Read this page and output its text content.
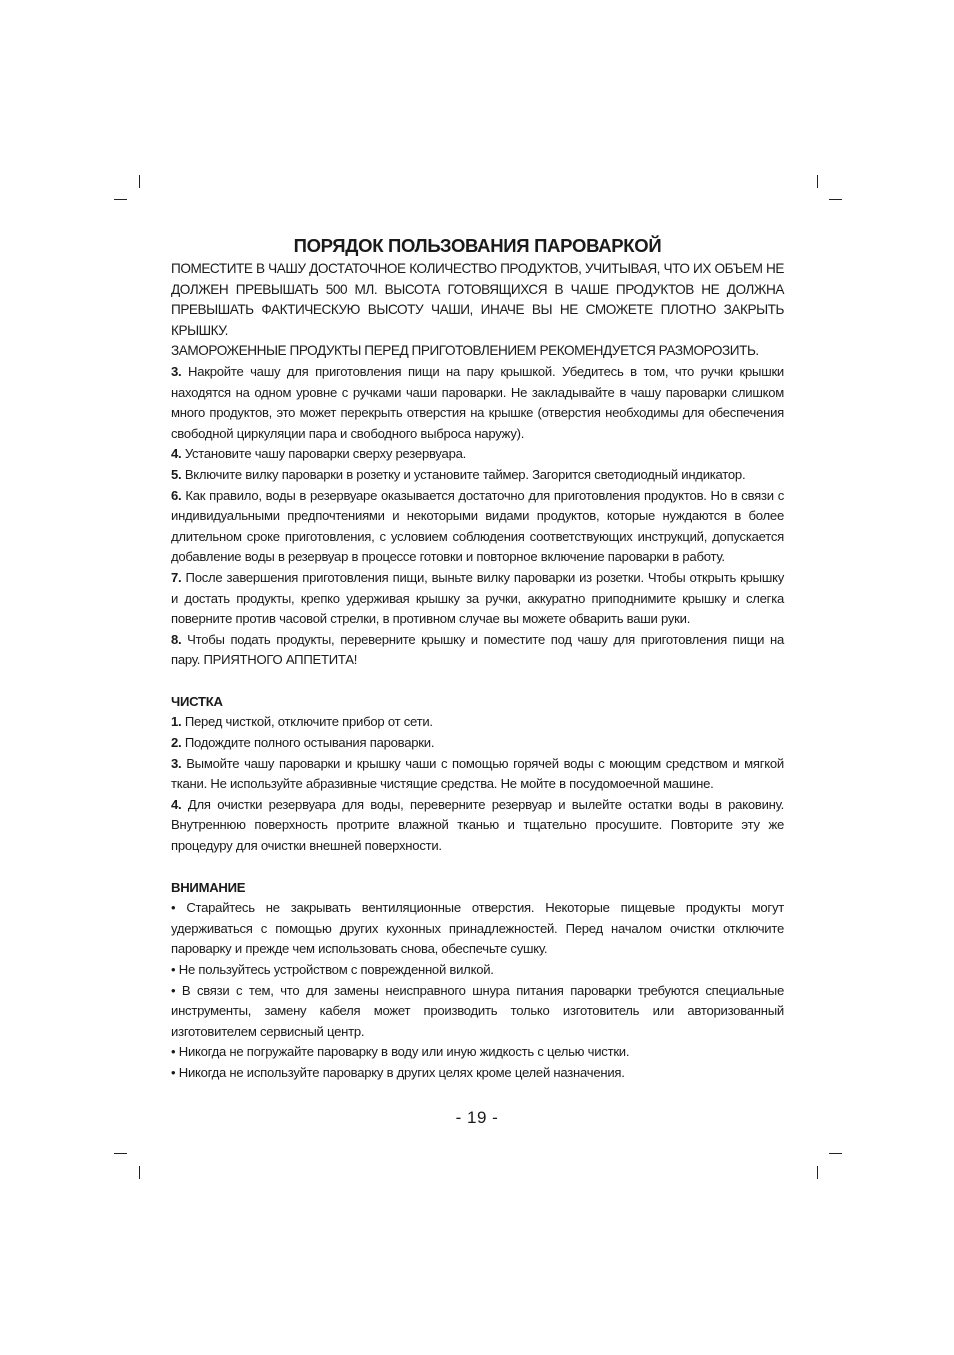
ПОРЯДОК ПОЛЬЗОВАНИЯ ПАРОВАРКОЙ

ПОМЕСТИТЕ В ЧАШУ ДОСТАТОЧНОЕ КОЛИЧЕСТВО ПРОДУКТОВ, УЧИТЫВАЯ, ЧТО ИХ ОБЪЕМ НЕ ДОЛЖЕН ПРЕВЫШАТЬ 500 МЛ. ВЫСОТА ГОТОВЯЩИХСЯ В ЧАШЕ ПРОДУКТОВ НЕ ДОЛЖНА ПРЕВЫШАТЬ ФАКТИЧЕСКУЮ ВЫСОТУ ЧАШИ, ИНАЧЕ ВЫ НЕ СМОЖЕТЕ ПЛОТНО ЗАКРЫТЬ КРЫШКУ.

ЗАМОРОЖЕННЫЕ ПРОДУКТЫ ПЕРЕД ПРИГОТОВЛЕНИЕМ РЕКОМЕНДУЕТСЯ РАЗМОРОЗИТЬ.

3. Накройте чашу для приготовления пищи на пару крышкой. Убедитесь в том, что ручки крышки находятся на одном уровне с ручками чаши пароварки. Не закладывайте в чашу пароварки слишком много продуктов, это может перекрыть отверстия на крышке (отверстия необходимы для обеспечения свободной циркуляции пара и свободного выброса наружу).

4. Установите чашу пароварки сверху резервуара.

5. Включите вилку пароварки в розетку и установите таймер. Загорится светодиодный индикатор.

6. Как правило, воды в резервуаре оказывается достаточно для приготовления продуктов. Но в связи с индивидуальными предпочтениями и некоторыми видами продуктов, которые нуждаются в более длительном сроке приготовления, с условием соблюдения соответствующих инструкций, допускается добавление воды в резервуар в процессе готовки и повторное включение пароварки в работу.

7. После завершения приготовления пищи, выньте вилку пароварки из розетки. Чтобы открыть крышку и достать продукты, крепко удерживая крышку за ручки, аккуратно приподнимите крышку и слегка поверните против часовой стрелки, в противном случае вы можете обварить ваши руки.

8. Чтобы подать продукты, переверните крышку и поместите под чашу для приготовления пищи на пару. ПРИЯТНОГО АППЕТИТА!

ЧИСТКА

1. Перед чисткой, отключите прибор от сети.

2. Подождите полного остывания пароварки.

3. Вымойте чашу пароварки и крышку чаши с помощью горячей воды с моющим средством и мягкой ткани. Не используйте абразивные чистящие средства. Не мойте в посудомоечной машине.

4. Для очистки резервуара для воды, переверните резервуар и вылейте остатки воды в раковину. Внутреннюю поверхность протрите влажной тканью и тщательно просушите. Повторите эту же процедуру для очистки внешней поверхности.

ВНИМАНИЕ

• Старайтесь не закрывать вентиляционные отверстия. Некоторые пищевые продукты могут удерживаться с помощью других кухонных принадлежностей. Перед началом очистки отключите пароварку и прежде чем использовать снова, обеспечьте сушку.

• Не пользуйтесь устройством с поврежденной вилкой.

• В связи с тем, что для замены неисправного шнура питания пароварки требуются специальные инструменты, замену кабеля может производить только изготовитель или авторизованный изготовителем сервисный центр.

• Никогда не погружайте пароварку в воду или иную жидкость с целью чистки.

• Никогда не используйте пароварку в других целях кроме целей назначения.

- 19 -
